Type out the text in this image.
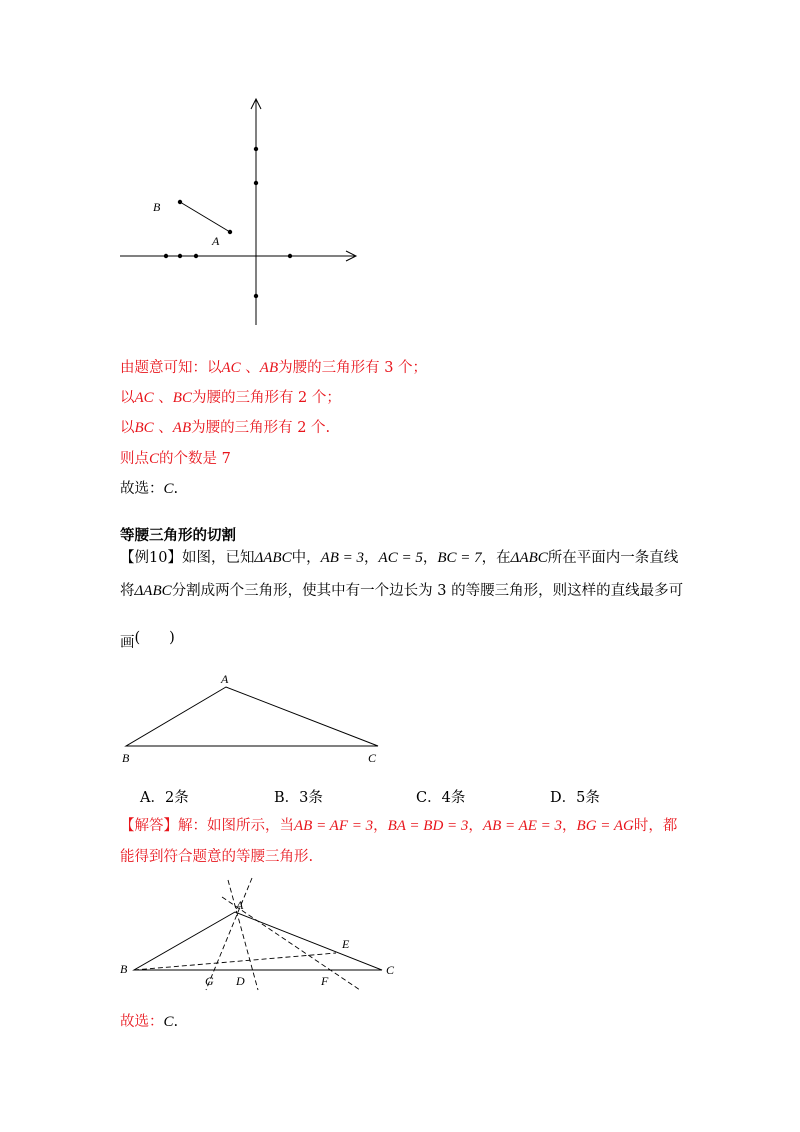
B
A
由题意可知：以AC 、AB为腰的三角形有 3 个；
以AC 、BC为腰的三角形有 2 个；
以BC 、AB为腰的三角形有 2 个.
则点C的个数是 7
故选：C.
等腰三角形的切割
【例10】如图，已知ΔABC中，AB = 3，AC = 5，BC = 7，在ΔABC所在平面内一条直线
将ΔABC分割成两个三角形，使其中有一个边长为 3 的等腰三角形，则这样的直线最多可
画(　　)
A
B	C
A．2条	B．3条	C．4条	D．5条
【解答】解：如图所示，当AB = AF = 3，BA = BD = 3，AB = AE = 3，BG = AG时，都
能得到符合题意的等腰三角形.
A
B	C
D
E
F
G
故选：C.
